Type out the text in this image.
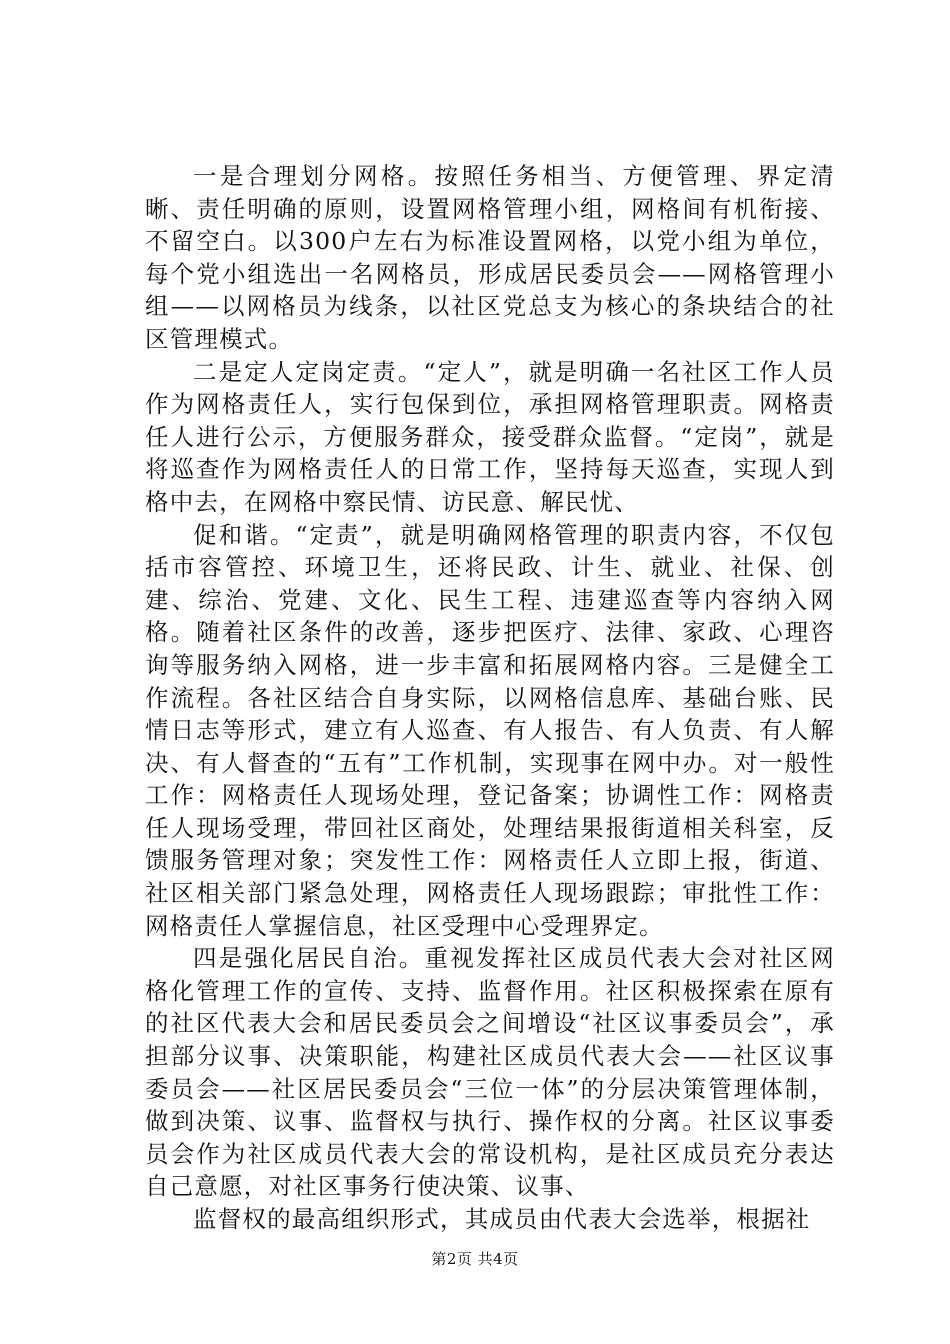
一是合理划分网格。按照任务相当、方便管理、界定清晰、责任明确的原则，设置网格管理小组，网格间有机衔接、不留空白。以300户左右为标准设置网格，以党小组为单位，每个党小组选出一名网格员，形成居民委员会——网格管理小组——以网格员为线条，以社区党总支为核心的条块结合的社区管理模式。

二是定人定岗定责。“定人”，就是明确一名社区工作人员作为网格责任人，实行包保到位，承担网格管理职责。网格责任人进行公示，方便服务群众，接受群众监督。“定岗”，就是将巡查作为网格责任人的日常工作，坚持每天巡查，实现人到格中去，在网格中察民情、访民意、解民忧、

促和谐。“定责”，就是明确网格管理的职责内容，不仅包括市容管控、环境卫生，还将民政、计生、就业、社保、创建、综治、党建、文化、民生工程、违建巡查等内容纳入网格。随着社区条件的改善，逐步把医疗、法律、家政、心理咨询等服务纳入网格，进一步丰富和拓展网格内容。三是健全工作流程。各社区结合自身实际，以网格信息库、基础台账、民情日志等形式，建立有人巡查、有人报告、有人负责、有人解决、有人督查的“五有”工作机制，实现事在网中办。对一般性工作：网格责任人现场处理，登记备案；协调性工作：网格责任人现场受理，带回社区商处，处理结果报街道相关科室，反馈服务管理对象；突发性工作：网格责任人立即上报，街道、社区相关部门紧急处理，网格责任人现场跟踪；审批性工作：网格责任人掌握信息，社区受理中心受理界定。

四是强化居民自治。重视发挥社区成员代表大会对社区网格化管理工作的宣传、支持、监督作用。社区积极探索在原有的社区代表大会和居民委员会之间增设“社区议事委员会”，承担部分议事、决策职能，构建社区成员代表大会——社区议事委员会——社区居民委员会“三位一体”的分层决策管理体制，做到决策、议事、监督权与执行、操作权的分离。社区议事委员会作为社区成员代表大会的常设机构，是社区成员充分表达自己意愿，对社区事务行使决策、议事、

监督权的最高组织形式，其成员由代表大会选举，根据社

第2页 共4页
